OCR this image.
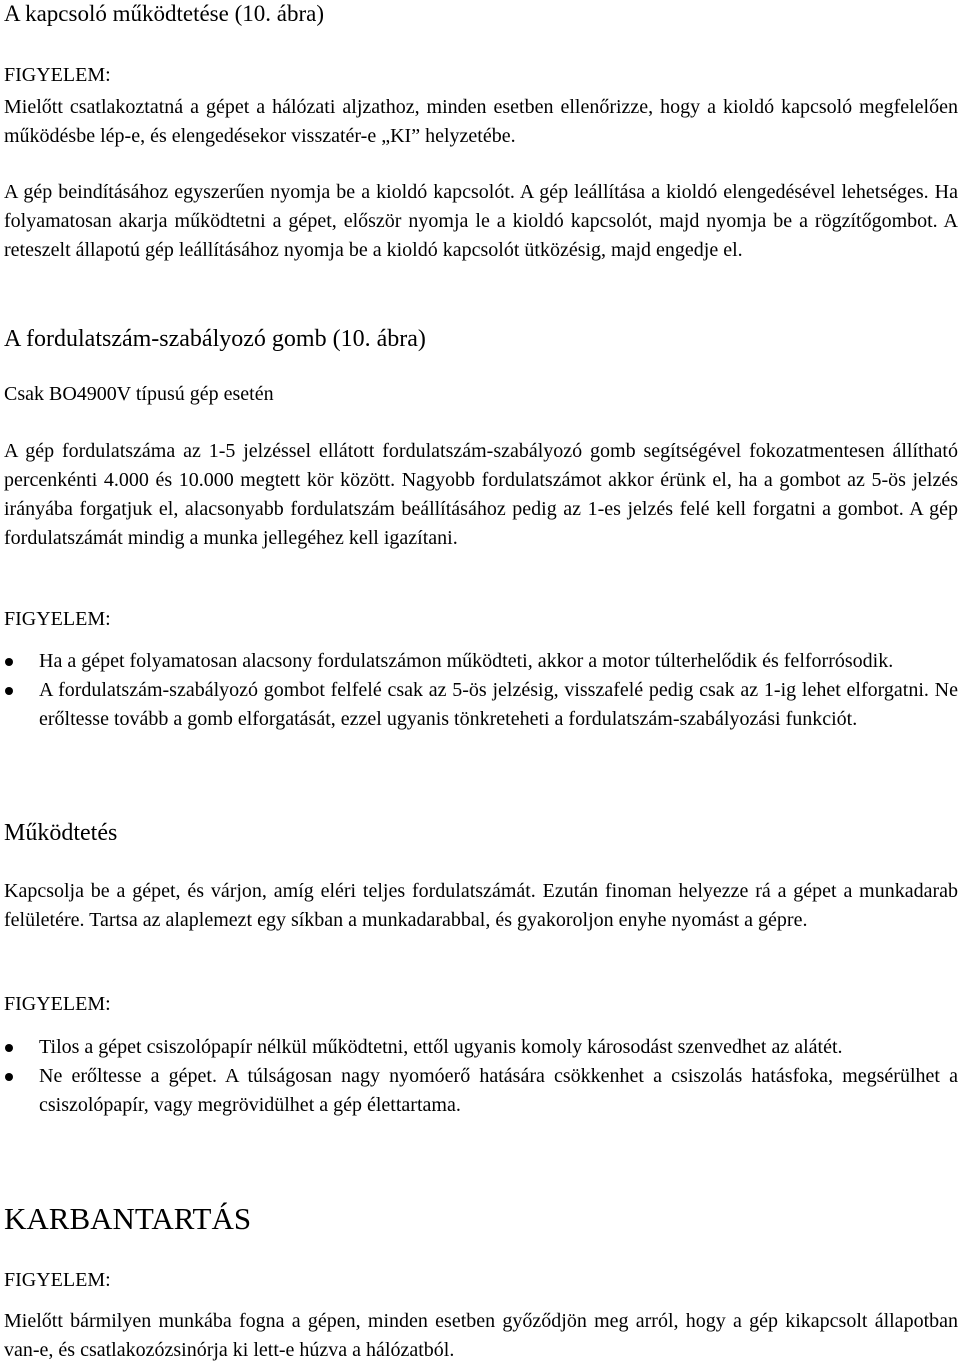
A kapcsoló működtetése (10. ábra)
FIGYELEM:

Mielőtt csatlakoztatná a gépet a hálózati aljzathoz, minden esetben ellenőrizze, hogy a kioldó kapcsoló megfelelően működésbe lép-e, és elengedésekor visszatér-e „KI” helyzetébe.

A gép beindításához egyszerűen nyomja be a kioldó kapcsolót. A gép leállítása a kioldó elengedésével lehetséges. Ha folyamatosan akarja működtetni a gépet, először nyomja le a kioldó kapcsolót, majd nyomja be a rögzítőgombot. A reteszelt állapotú gép leállításához nyomja be a kioldó kapcsolót ütközésig, majd engedje el.

A fordulatszám-szabályozó gomb (10. ábra)
Csak BO4900V típusú gép esetén

A gép fordulatszáma az 1-5 jelzéssel ellátott fordulatszám-szabályozó gomb segítségével fokozatmentesen állítható percenkénti 4.000 és 10.000 megtett kör között. Nagyobb fordulatszámot akkor érünk el, ha a gombot az 5-ös jelzés irányába forgatjuk el, alacsonyabb fordulatszám beállításához pedig az 1-es jelzés felé kell forgatni a gombot. A gép fordulatszámát mindig a munka jellegéhez kell igazítani.

FIGYELEM:
Ha a gépet folyamatosan alacsony fordulatszámon működteti, akkor a motor túlterhelődik és felforrósodik.
A fordulatszám-szabályozó gombot felfelé csak az 5-ös jelzésig, visszafelé pedig csak az 1-ig lehet elforgatni. Ne erőltesse tovább a gomb elforgatását, ezzel ugyanis tönkreteheti a fordulatszám-szabályozási funkciót.
Működtetés

Kapcsolja be a gépet, és várjon, amíg eléri teljes fordulatszámát. Ezután finoman helyezze rá a gépet a munkadarab felületére. Tartsa az alaplemezt egy síkban a munkadarabbal, és gyakoroljon enyhe nyomást a gépre.

FIGYELEM:
Tilos a gépet csiszolópapír nélkül működtetni, ettől ugyanis komoly károsodást szenvedhet az alátét.
Ne erőltesse a gépet. A túlságosan nagy nyomóerő hatására csökkenhet a csiszolás hatásfoka, megsérülhet a csiszolópapír, vagy megrövidülhet a gép élettartama.
KARBANTARTÁS
FIGYELEM:

Mielőtt bármilyen munkába fogna a gépen, minden esetben győződjön meg arról, hogy a gép kikapcsolt állapotban van-e, és csatlakozózsinórja ki lett-e húzva a hálózatból.
